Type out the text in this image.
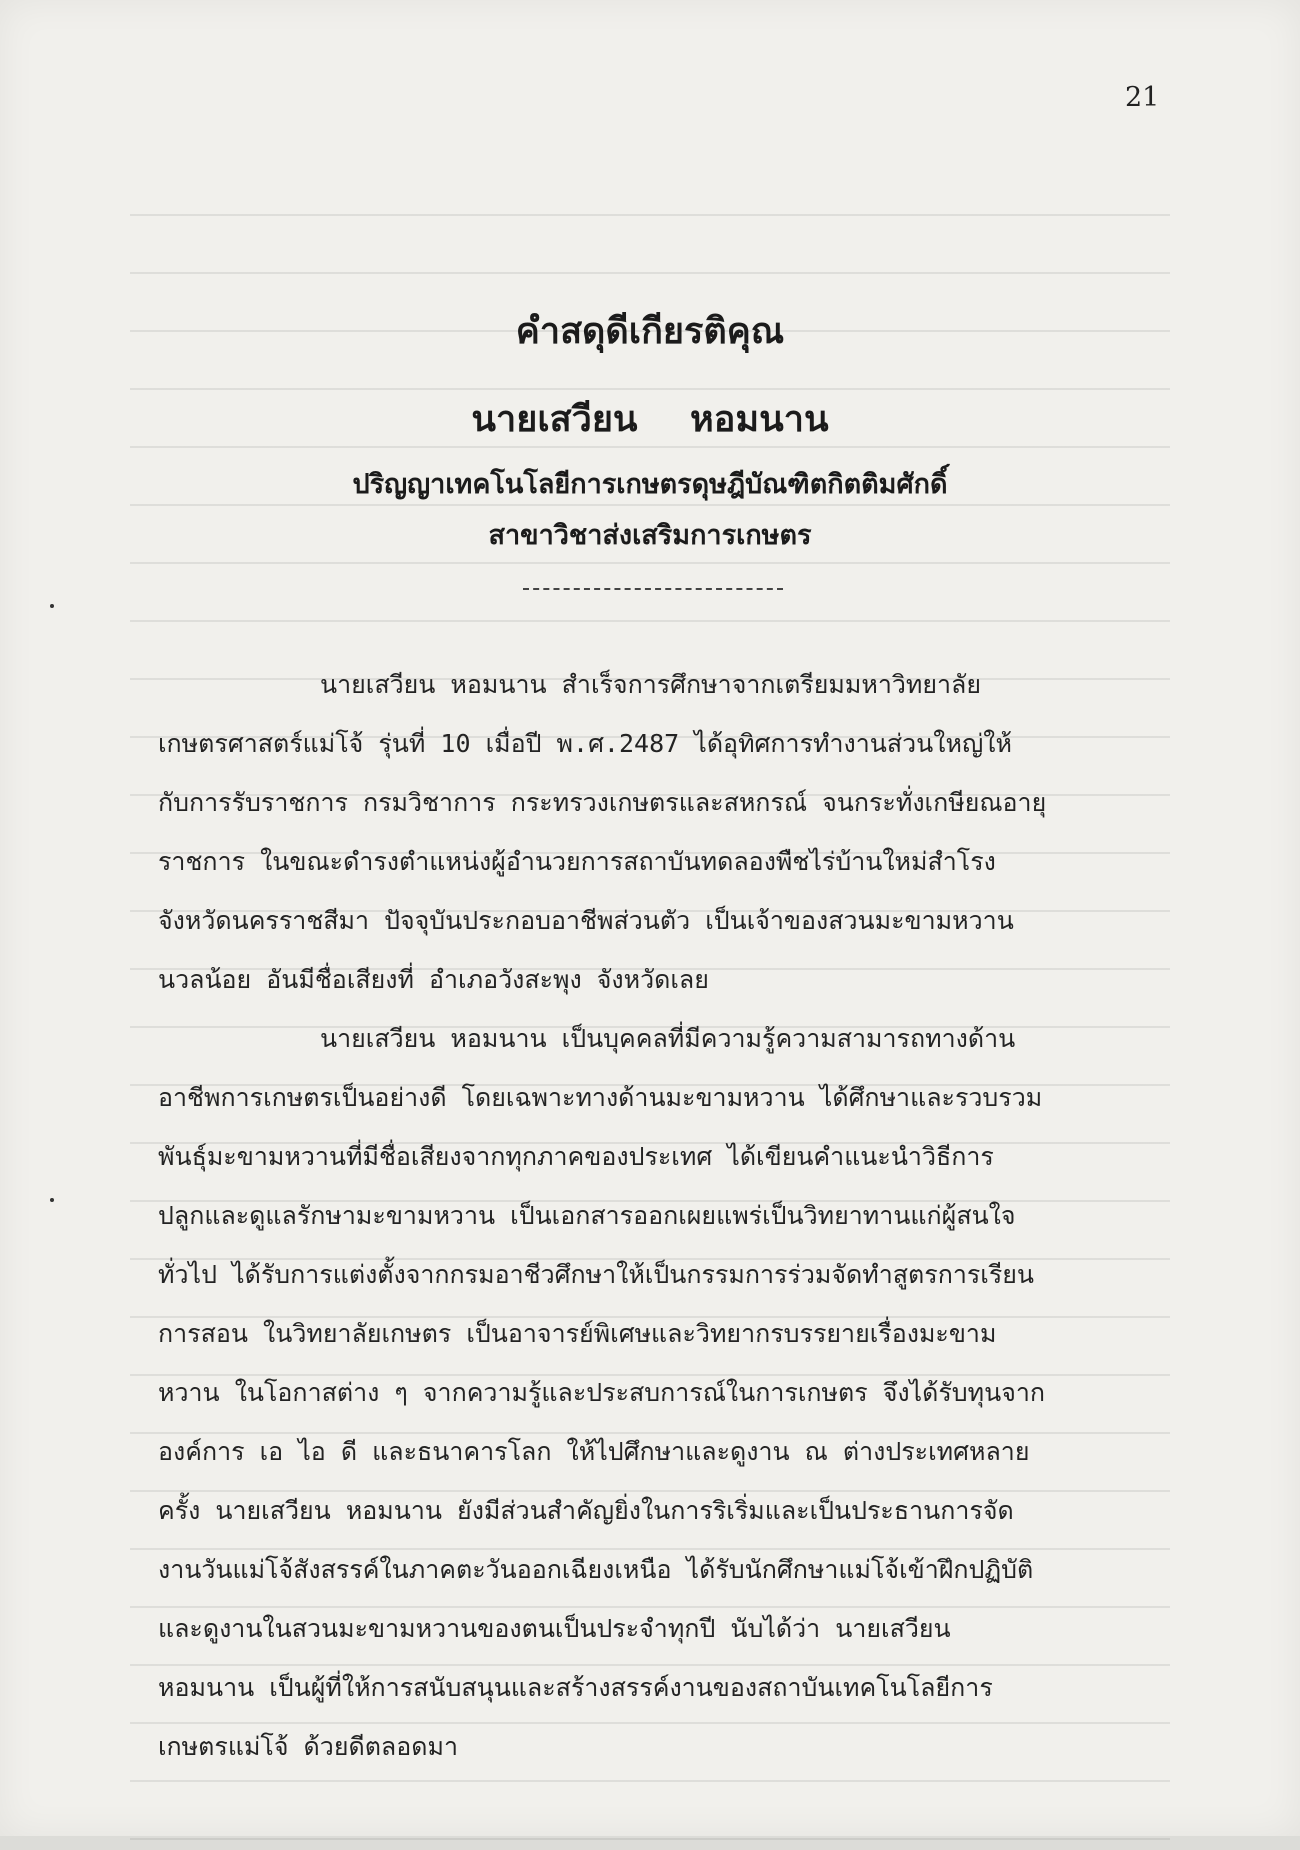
21
คำสดุดีเกียรติคุณ
นายเสวียน หอมนาน
ปริญญาเทคโนโลยีการเกษตรดุษฎีบัณฑิตกิตติมศักดิ์
สาขาวิชาส่งเสริมการเกษตร
นายเสวียน หอมนาน สำเร็จการศึกษาจากเตรียมมหาวิทยาลัย
เกษตรศาสตร์แม่โจ้ รุ่นที่ 10 เมื่อปี พ.ศ.2487 ได้อุทิศการทำงานส่วนใหญ่ให้
กับการรับราชการ กรมวิชาการ กระทรวงเกษตรและสหกรณ์ จนกระทั่งเกษียณอายุ
ราชการ ในขณะดำรงตำแหน่งผู้อำนวยการสถาบันทดลองพืชไร่บ้านใหม่สำโรง
จังหวัดนครราชสีมา ปัจจุบันประกอบอาชีพส่วนตัว เป็นเจ้าของสวนมะขามหวาน
นวลน้อย อันมีชื่อเสียงที่ อำเภอวังสะพุง จังหวัดเลย
นายเสวียน หอมนาน เป็นบุคคลที่มีความรู้ความสามารถทางด้าน
อาชีพการเกษตรเป็นอย่างดี โดยเฉพาะทางด้านมะขามหวาน ได้ศึกษาและรวบรวม
พันธุ์มะขามหวานที่มีชื่อเสียงจากทุกภาคของประเทศ ได้เขียนคำแนะนำวิธีการ
ปลูกและดูแลรักษามะขามหวาน เป็นเอกสารออกเผยแพร่เป็นวิทยาทานแก่ผู้สนใจ
ทั่วไป ได้รับการแต่งตั้งจากกรมอาชีวศึกษาให้เป็นกรรมการร่วมจัดทำสูตรการเรียน
การสอน ในวิทยาลัยเกษตร เป็นอาจารย์พิเศษและวิทยากรบรรยายเรื่องมะขาม
หวาน ในโอกาสต่าง ๆ จากความรู้และประสบการณ์ในการเกษตร จึงได้รับทุนจาก
องค์การ เอ ไอ ดี และธนาคารโลก ให้ไปศึกษาและดูงาน ณ ต่างประเทศหลาย
ครั้ง นายเสวียน หอมนาน ยังมีส่วนสำคัญยิ่งในการริเริ่มและเป็นประธานการจัด
งานวันแม่โจ้สังสรรค์ในภาคตะวันออกเฉียงเหนือ ได้รับนักศึกษาแม่โจ้เข้าฝึกปฏิบัติ
และดูงานในสวนมะขามหวานของตนเป็นประจำทุกปี นับได้ว่า นายเสวียน
หอมนาน เป็นผู้ที่ให้การสนับสนุนและสร้างสรรค์งานของสถาบันเทคโนโลยีการ
เกษตรแม่โจ้ ด้วยดีตลอดมา
